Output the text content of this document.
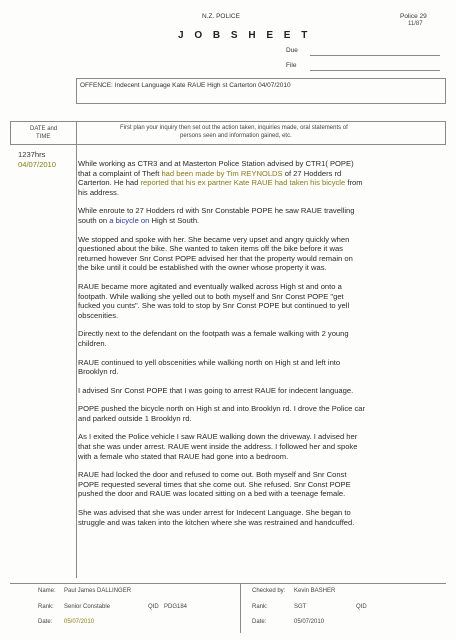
N.Z. POLICE	Police 29
11/87
J O B S H E E T
Due
File
OFFENCE: Indecent Language Kate RAUE High st Carterton 04/07/2010
DATE and
TIME
First plan your inquiry then set out the action taken, inquiries made, oral statements of
persons seen and information gained, etc.
1237hrs
04/07/2010	While working as CTR3 and at Masterton Police Station advised by CTR1( POPE)
that a complaint of Theft had been made by Tim REYNOLDS of 27 Hodders rd
Carterton. He had reported that his ex partner Kate RAUE had taken his bicycle from
his address.

While enroute to 27 Hodders rd with Snr Constable POPE he saw RAUE travelling
south on a bicycle on High st South.

We stopped and spoke with her. She became very upset and angry quickly when
questioned about the bike. She wanted to taken items off the bike before it was
returned however Snr Const POPE advised her that the property would remain on
the bike until it could be established with the owner whose property it was.

RAUE became more agitated and eventually walked across High st and onto a
footpath. While walking she yelled out to both myself and Snr Const POPE "get
fucked you cunts". She was told to stop by Snr Const POPE but continued to yell
obscenities.

Directly next to the defendant on the footpath was a female walking with 2 young
children.

RAUE continued to yell obscenities while walking north on High st and left into
Brooklyn rd.

I advised Snr Const POPE that I was going to arrest RAUE for indecent language.

POPE pushed the bicycle north on High st and into Brooklyn rd. I drove the Police car
and parked outside 1 Brooklyn rd.

As I exited the Police vehicle I saw RAUE walking down the driveway. I advised her
that she was under arrest. RAUE went inside the address. I followed her and spoke
with a female who stated that RAUE had gone into a bedroom.

RAUE had locked the door and refused to come out. Both myself and Snr Const
POPE requested several times that she come out. She refused. Snr Const POPE
pushed the door and RAUE was located sitting on a bed with a teenage female.

She was advised that she was under arrest for Indecent Language. She began to
struggle and was taken into the kitchen where she was restrained and handcuffed.

Name: Paul James DALLINGER
Rank: Senior Constable	QID PDG184
Date: 05/07/2010
Checked by: Kevin BASHER
Rank:	SGT	QID
Date:	05/07/2010
